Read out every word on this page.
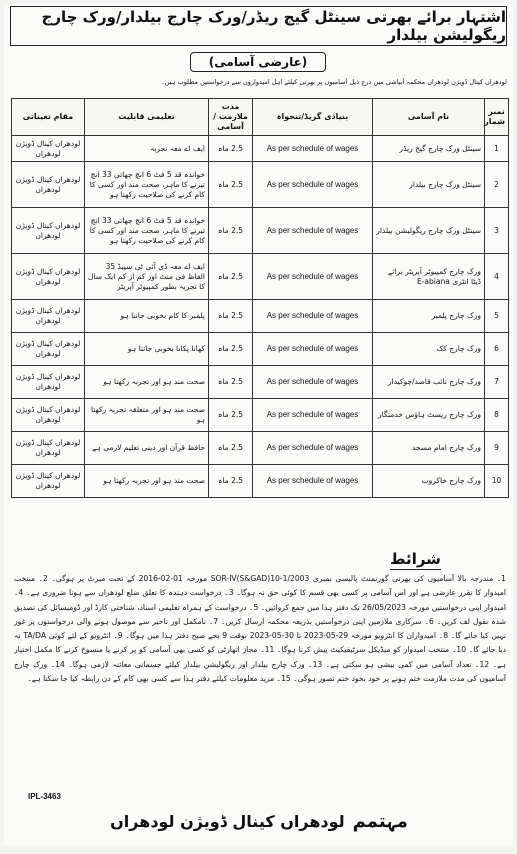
اشتہار برائے بھرتی سینٹل گیج ریڈر/ورک چارج بیلدار/ورک چارج ریگولیشن بیلدار
(عارضی آسامی)
لودھراں کینال ڈویژن لودھراں محکمہ آبپاشی میں درج ذیل آسامیوں پر بھرتی کیلئے اہل امیدواروں سے درخواستیں مطلوب ہیں۔
نمبر شمار	نام آسامی	بنیادی گریڈ/تنخواہ	مدت ملازمت / آسامی	تعلیمی قابلیت	مقام تعیناتی
1	سینٹل ورک چارج گیج ریڈر	As per schedule of wages	2.5 ماہ	ایف اے معہ تجربہ	لودھراں کینال ڈویژن لودھراں
2	سینٹل ورک چارج بیلدار	As per schedule of wages	2.5 ماہ	خواندہ قد 5 فٹ 6 انچ چھاتی 33 انچ تیرنے کا ماہر، صحت مند اور کسی کا کام کرنے کی صلاحیت رکھتا ہو	لودھراں کینال ڈویژن لودھراں
3	سینٹل ورک چارج ریگولیشن بیلدار	As per schedule of wages	2.5 ماہ	خواندہ قد 5 فٹ 6 انچ چھاتی 33 انچ تیرنے کا ماہر، صحت مند اور کسی کا کام کرنے کی صلاحیت رکھتا ہو	لودھراں کینال ڈویژن لودھراں
4	ورک چارج کمپیوٹر آپریٹر برائے ڈیٹا انٹری E-abiana	As per schedule of wages	2.5 ماہ	ایف اے معہ ڈی آئی ٹی سپیڈ 35 الفاظ فی منٹ اور کم از کم ایک سال کا تجربہ بطور کمپیوٹر آپریٹر	لودھراں کینال ڈویژن لودھراں
5	ورک چارج پلمبر	As per schedule of wages	2.5 ماہ	پلمبر کا کام بخوبی جانتا ہو	لودھراں کینال ڈویژن لودھراں
6	ورک چارج کک	As per schedule of wages	2.5 ماہ	کھانا پکانا بخوبی جانتا ہو	لودھراں کینال ڈویژن لودھراں
7	ورک چارج نائب قاصد/چوکیدار	As per schedule of wages	2.5 ماہ	صحت مند ہو اور تجربہ رکھتا ہو	لودھراں کینال ڈویژن لودھراں
8	ورک چارج ریسٹ ہاؤس خدمتگار	As per schedule of wages	2.5 ماہ	صحت مند ہو اور متعلقہ تجربہ رکھتا ہو	لودھراں کینال ڈویژن لودھراں
9	ورک چارج امام مسجد	As per schedule of wages	2.5 ماہ	حافظ قرآن اور دینی تعلیم لازمی ہے	لودھراں کینال ڈویژن لودھراں
10	ورک چارج خاکروب	As per schedule of wages	2.5 ماہ	صحت مند ہو اور تجربہ رکھتا ہو	لودھراں کینال ڈویژن لودھراں
شرائط
1۔ مندرجہ بالا آسامیوں کی بھرتی گورنمنٹ پالیسی نمبری SOR-IV(S&GAD)10-1/2003 مورخہ 01-02-2016 کے تحت میرٹ پر ہوگی۔ 2۔ منتخب امیدوار کا تقرر عارضی ہے اور اس آسامی پر کسی بھی قسم کا کوئی حق نہ ہوگا۔ 3۔ درخواست دہندہ کا تعلق ضلع لودھراں سے ہونا ضروری ہے۔ 4۔ امیدوار اپنی درخواستیں مورخہ 26/05/2023 تک دفتر ہذا میں جمع کروائیں۔ 5۔ درخواست کے ہمراہ تعلیمی اسناد، شناختی کارڈ اور ڈومیسائل کی تصدیق شدہ نقول لف کریں۔ 6۔ سرکاری ملازمین اپنی درخواستیں بذریعہ محکمہ ارسال کریں۔ 7۔ نامکمل اور تاخیر سے موصول ہونے والی درخواستوں پر غور نہیں کیا جائے گا۔ 8۔ امیدواران کا انٹرویو مورخہ 29-05-2023 تا 30-05-2023 بوقت 9 بجے صبح دفتر ہذا میں ہوگا۔ 9۔ انٹرویو کے لئے کوئی TA/DA نہ دیا جائے گا۔ 10۔ منتخب امیدوار کو میڈیکل سرٹیفیکیٹ پیش کرنا ہوگا۔ 11۔ مجاز اتھارٹی کو کسی بھی آسامی کو پر کرنے یا منسوخ کرنے کا مکمل اختیار ہے۔ 12۔ تعداد آسامی میں کمی بیشی ہو سکتی ہے۔ 13۔ ورک چارج بیلدار اور ریگولیشن بیلدار کیلئے جسمانی معائنہ لازمی ہوگا۔ 14۔ ورک چارج آسامیوں کی مدت ملازمت ختم ہونے پر خود بخود ختم تصور ہوگی۔ 15۔ مزید معلومات کیلئے دفتر ہذا سے کسی بھی کام کے دن رابطہ کیا جا سکتا ہے۔
IPL-3463
مہتمم
لودھراں کینال ڈویژن لودھراں
